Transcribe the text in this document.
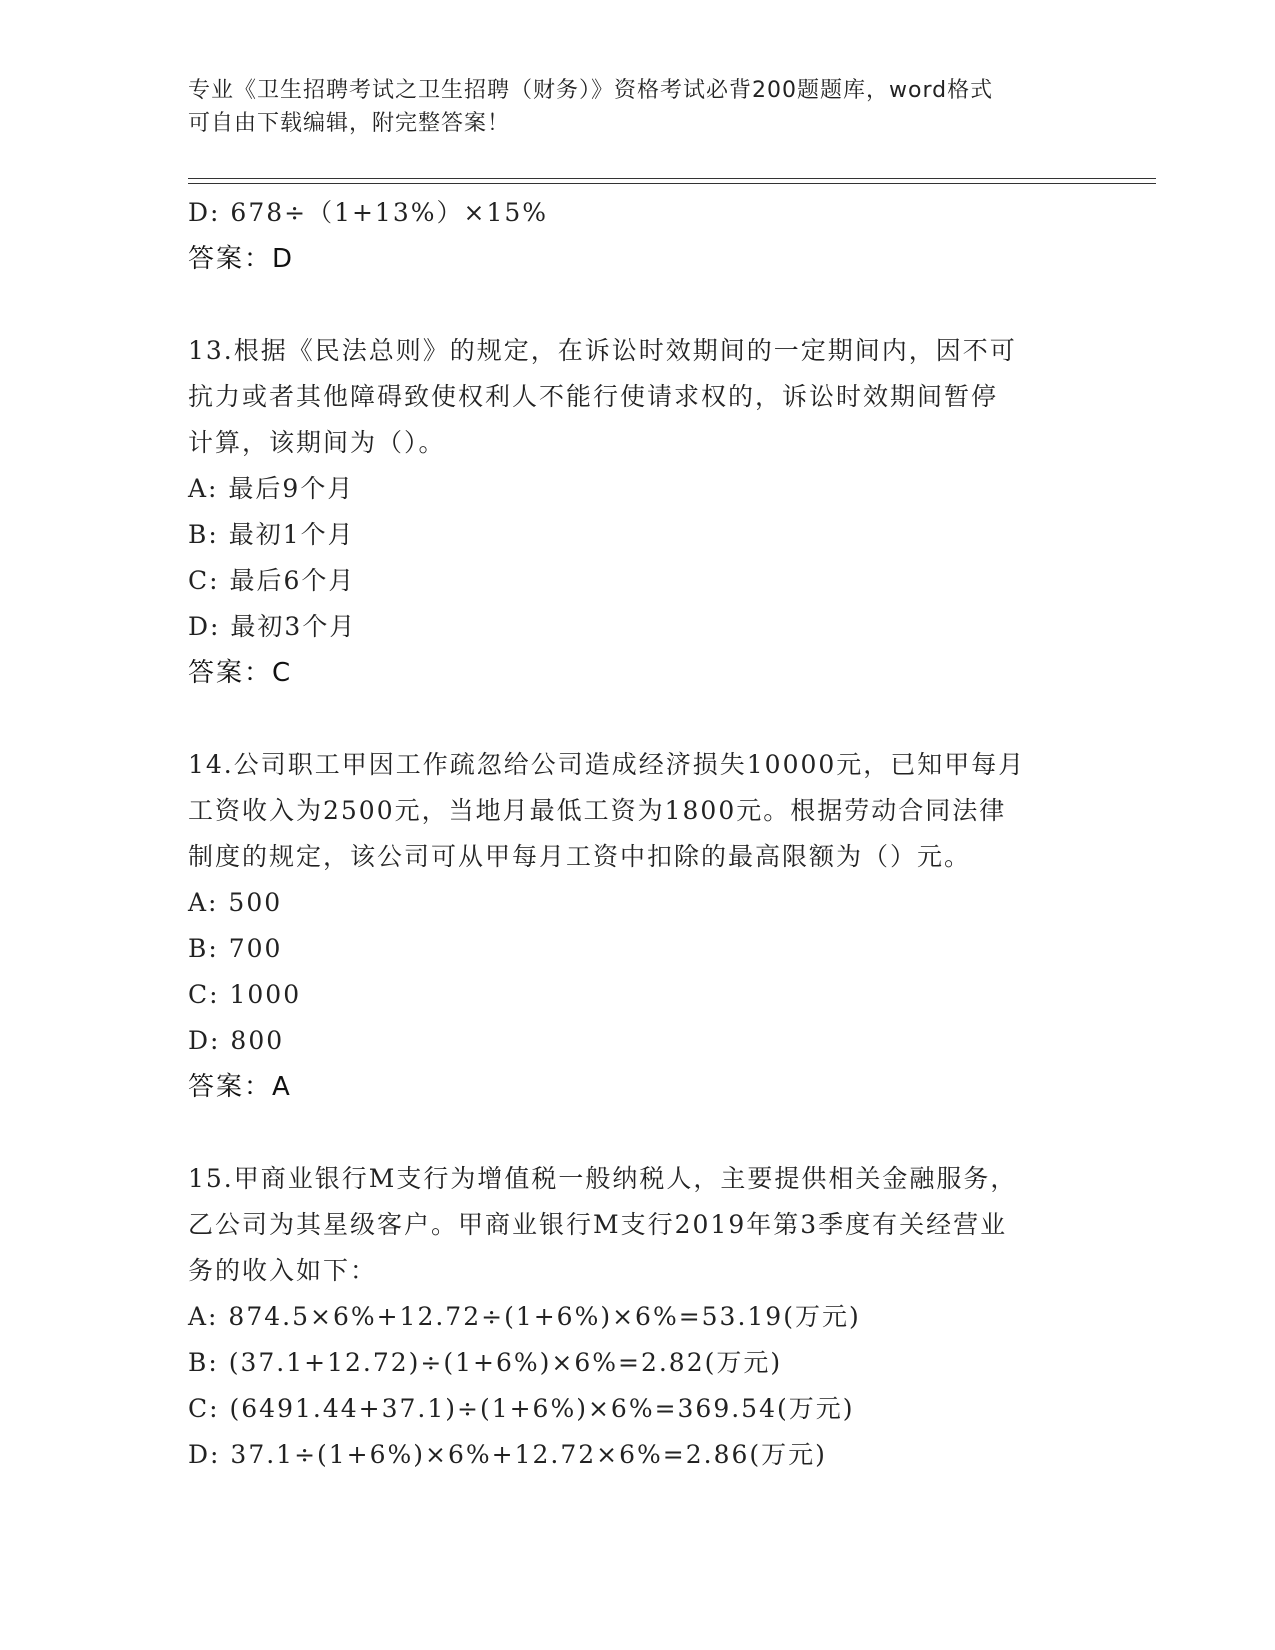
专业《卫生招聘考试之卫生招聘（财务）》资格考试必背200题题库，word格式
可自由下载编辑，附完整答案！
D: 678÷（1+13%）×15%
答案：D
13.根据《民法总则》的规定，在诉讼时效期间的一定期间内，因不可
抗力或者其他障碍致使权利人不能行使请求权的，诉讼时效期间暂停
计算，该期间为（）。
A: 最后9个月
B: 最初1个月
C: 最后6个月
D: 最初3个月
答案：C
14.公司职工甲因工作疏忽给公司造成经济损失10000元，已知甲每月
工资收入为2500元，当地月最低工资为1800元。根据劳动合同法律
制度的规定，该公司可从甲每月工资中扣除的最高限额为（）元。
A: 500
B: 700
C: 1000
D: 800
答案：A
15.甲商业银行M支行为增值税一般纳税人，主要提供相关金融服务，
乙公司为其星级客户。甲商业银行M支行2019年第3季度有关经营业
务的收入如下：
A: 874.5×6%+12.72÷(1+6%)×6%=53.19(万元)
B: (37.1+12.72)÷(1+6%)×6%=2.82(万元)
C: (6491.44+37.1)÷(1+6%)×6%=369.54(万元)
D: 37.1÷(1+6%)×6%+12.72×6%=2.86(万元)
